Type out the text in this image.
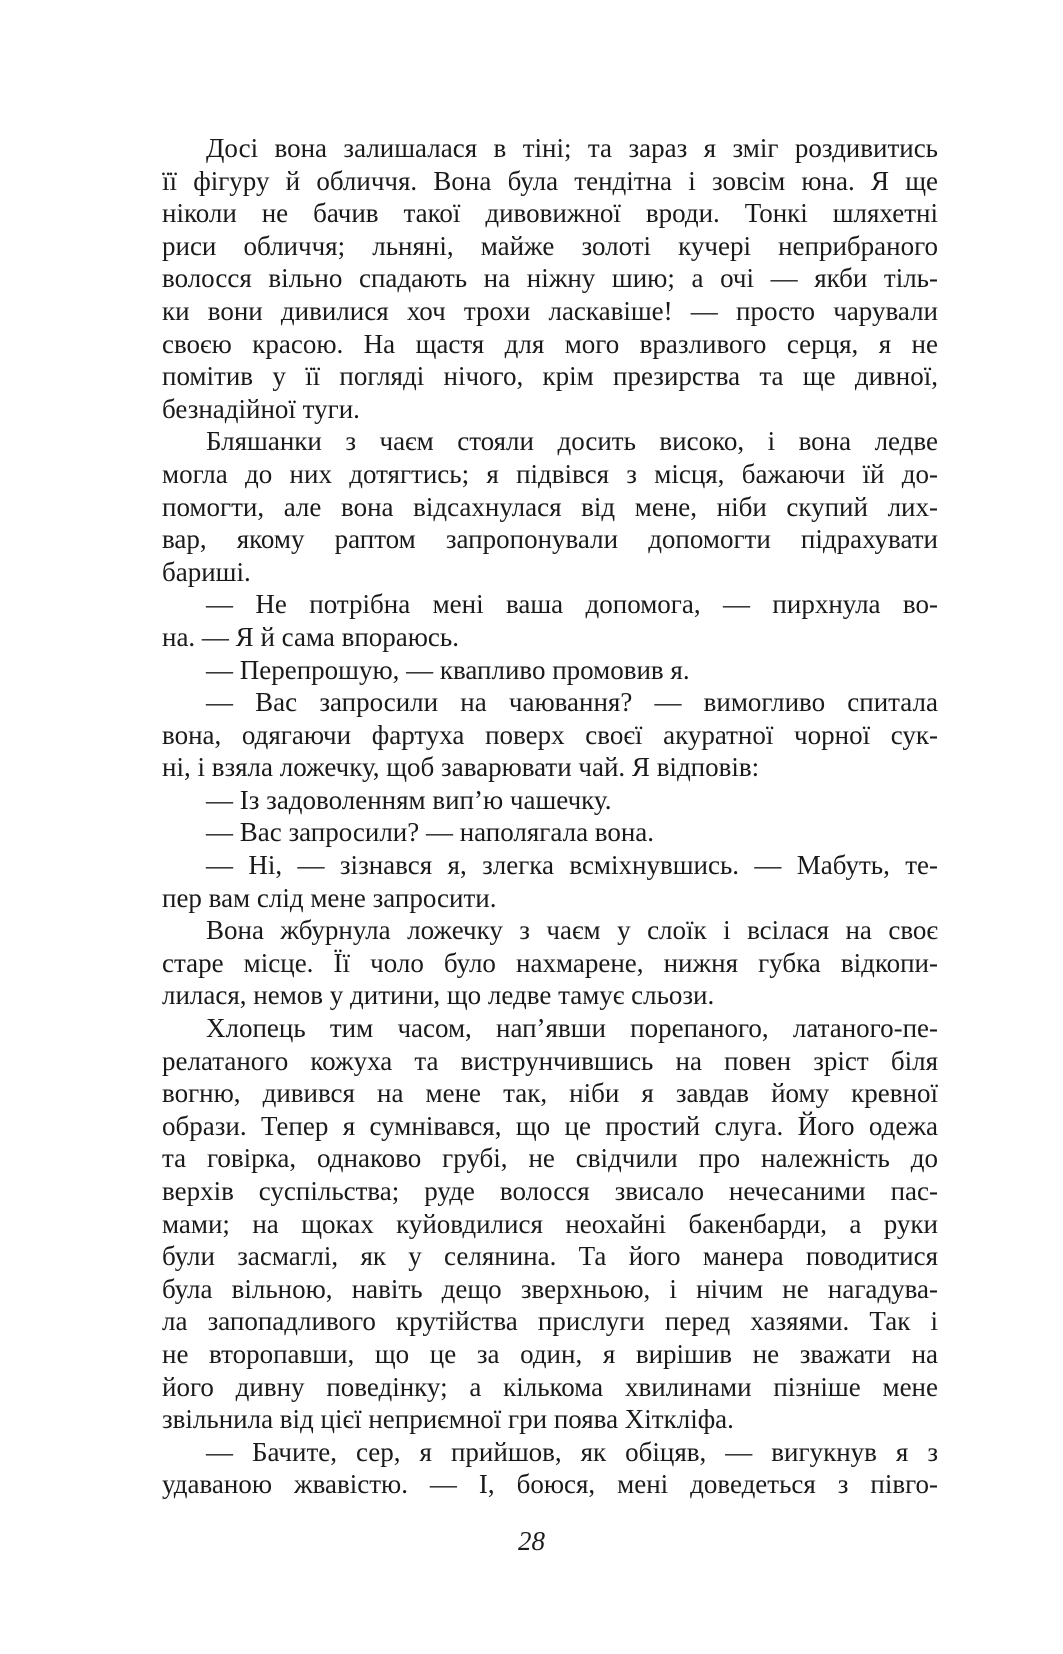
Досі вона залишалася в тіні; та зараз я зміг роздивитись
її фігуру й обличчя. Вона була тендітна і зовсім юна. Я ще
ніколи не бачив такої дивовижної вроди. Тонкі шляхетні
риси обличчя; льняні, майже золоті кучері неприбраного
волосся вільно спадають на ніжну шию; а очі — якби тіль-
ки вони дивилися хоч трохи ласкавіше! — просто чарували
своєю красою. На щастя для мого вразливого серця, я не
помітив у її погляді нічого, крім презирства та ще дивної,
безнадійної туги.
Бляшанки з чаєм стояли досить високо, і вона ледве
могла до них дотягтись; я підвівся з місця, бажаючи їй до-
помогти, але вона відсахнулася від мене, ніби скупий лих-
вар, якому раптом запропонували допомогти підрахувати
бариші.
— Не потрібна мені ваша допомога, — пирхнула во-
на. — Я й сама впораюсь.
— Перепрошую, — квапливо промовив я.
— Вас запросили на чаювання? — вимогливо спитала
вона, одягаючи фартуха поверх своєї акуратної чорної сук-
ні, і взяла ложечку, щоб заварювати чай. Я відповів:
— Із задоволенням вип’ю чашечку.
— Вас запросили? — наполягала вона.
— Ні, — зізнався я, злегка всміхнувшись. — Мабуть, те-
пер вам слід мене запросити.
Вона жбурнула ложечку з чаєм у слоїк і всілася на своє
старе місце. Її чоло було нахмарене, нижня губка відкопи-
лилася, немов у дитини, що ледве тамує сльози.
Хлопець тим часом, нап’явши порепаного, латаного-пе-
релатаного кожуха та виструнчившись на повен зріст біля
вогню, дивився на мене так, ніби я завдав йому кревної
образи. Тепер я сумнівався, що це простий слуга. Його одежа
та говірка, однаково грубі, не свідчили про належність до
верхів суспільства; руде волосся звисало нечесаними пас-
мами; на щоках куйовдилися неохайні бакенбарди, а руки
були засмаглі, як у селянина. Та його манера поводитися
була вільною, навіть дещо зверхньою, і нічим не нагадува-
ла запопадливого крутійства прислуги перед хазяями. Так і
не второпавши, що це за один, я вирішив не зважати на
його дивну поведінку; а кількома хвилинами пізніше мене
звільнила від цієї неприємної гри поява Хіткліфа.
— Бачите, сер, я прийшов, як обіцяв, — вигукнув я з
удаваною жвавістю. — І, боюся, мені доведеться з півго-
28
